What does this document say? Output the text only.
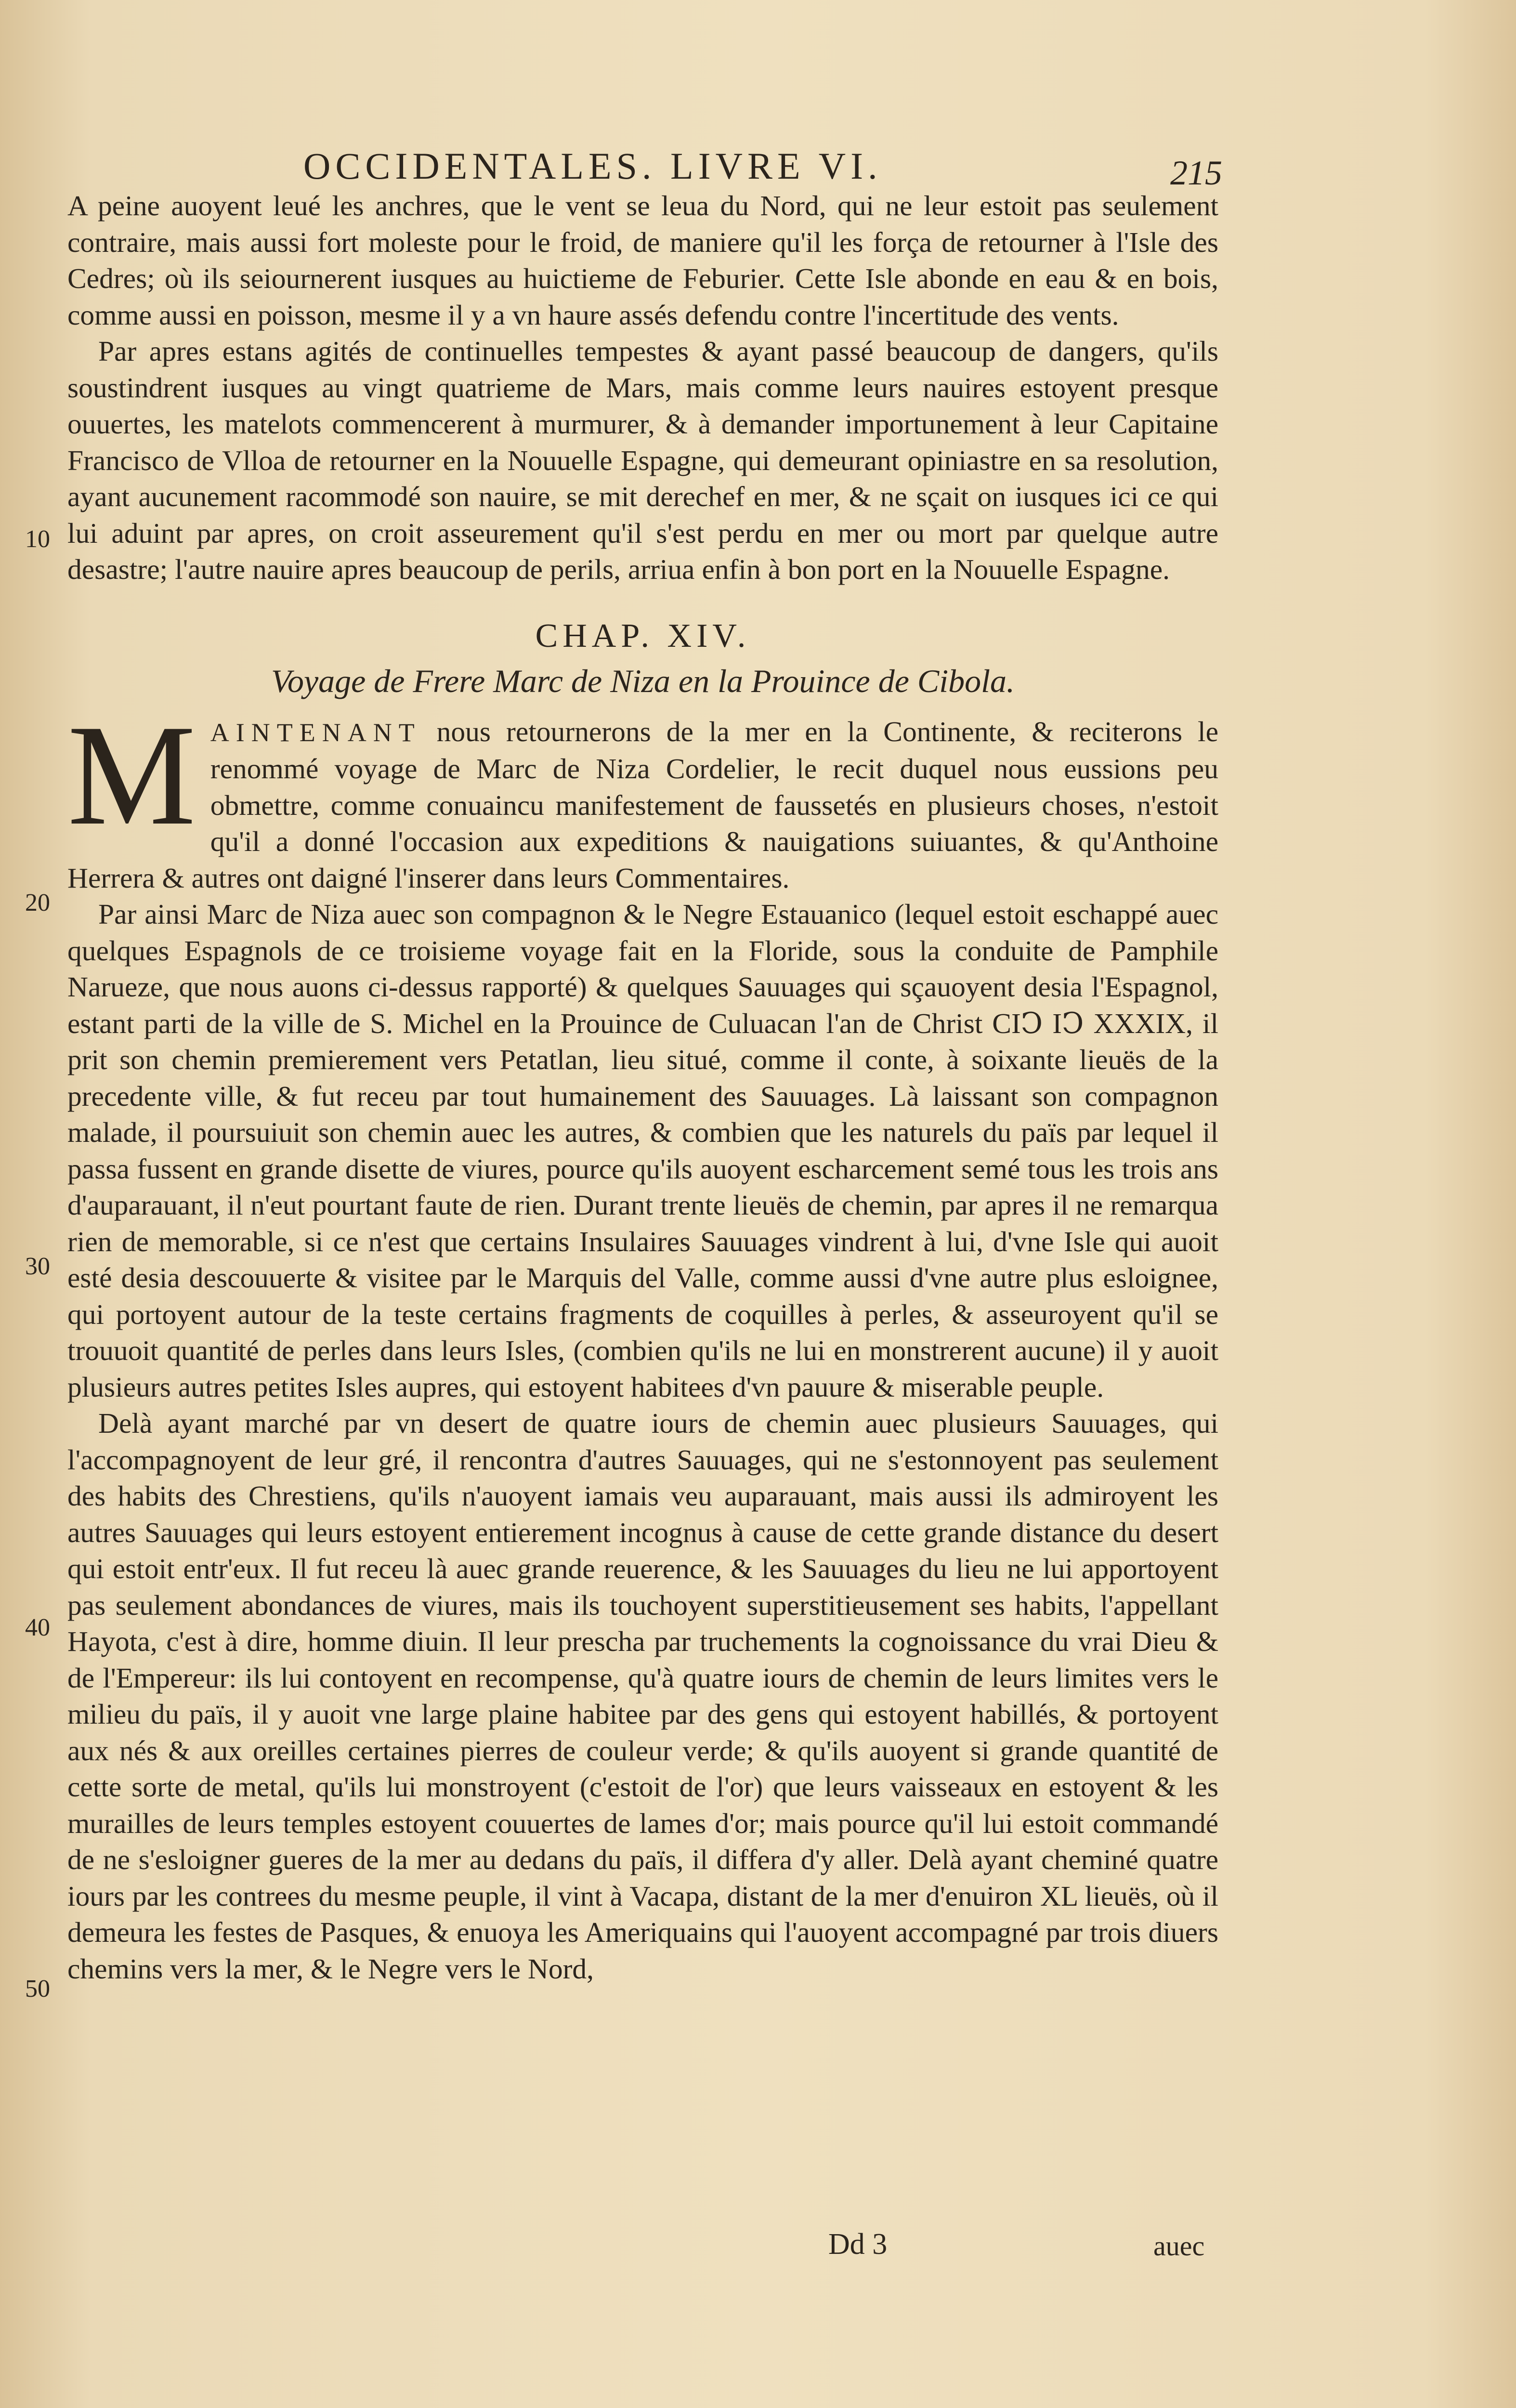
OCCIDENTALES. LIVRE VI.	215
10
20
30
40
50

A peine auoyent leué les anchres, que le vent se leua du Nord, qui ne leur estoit pas seulement contraire, mais aussi fort moleste pour le froid, de maniere qu'il les força de retourner à l'Isle des Cedres; où ils seiournerent iusques au huictieme de Feburier. Cette Isle abonde en eau & en bois, comme aussi en poisson, mesme il y a vn haure assés defendu contre l'incertitude des vents.

Par apres estans agités de continuelles tempestes & ayant passé beaucoup de dangers, qu'ils soustindrent iusques au vingt quatrieme de Mars, mais comme leurs nauires estoyent presque ouuertes, les matelots commencerent à murmurer, & à demander importunement à leur Capitaine Francisco de Vlloa de retourner en la Nouuelle Espagne, qui demeurant opiniastre en sa resolution, ayant aucunement racommodé son nauire, se mit derechef en mer, & ne sçait on iusques ici ce qui lui aduint par apres, on croit asseurement qu'il s'est perdu en mer ou mort par quelque autre desastre; l'autre nauire apres beaucoup de perils, arriua enfin à bon port en la Nouuelle Espagne.

CHAP. XIV.
Voyage de Frere Marc de Niza en la Prouince de Cibola.

M AINTENANT nous retournerons de la mer en la Continente, & reciterons le renommé voyage de Marc de Niza Cordelier, le recit duquel nous eussions peu obmettre, comme conuaincu manifestement de faussetés en plusieurs choses, n'estoit qu'il a donné l'occasion aux expeditions & nauigations suiuantes, & qu'Anthoine Herrera & autres ont daigné l'inserer dans leurs Commentaires.

Par ainsi Marc de Niza auec son compagnon & le Negre Estauanico (lequel estoit eschappé auec quelques Espagnols de ce troisieme voyage fait en la Floride, sous la conduite de Pamphile Narueze, que nous auons ci-dessus rapporté) & quelques Sauuages qui sçauoyent desia l'Espagnol, estant parti de la ville de S. Michel en la Prouince de Culuacan l'an de Christ CIↃ IↃ XXXIX, il prit son chemin premierement vers Petatlan, lieu situé, comme il conte, à soixante lieuës de la precedente ville, & fut receu par tout humainement des Sauuages. Là laissant son compagnon malade, il poursuiuit son chemin auec les autres, & combien que les naturels du païs par lequel il passa fussent en grande disette de viures, pource qu'ils auoyent escharcement semé tous les trois ans d'auparauant, il n'eut pourtant faute de rien. Durant trente lieuës de chemin, par apres il ne remarqua rien de memorable, si ce n'est que certains Insulaires Sauuages vindrent à lui, d'vne Isle qui auoit esté desia descouuerte & visitee par le Marquis del Valle, comme aussi d'vne autre plus esloignee, qui portoyent autour de la teste certains fragments de coquilles à perles, & asseuroyent qu'il se trouuoit quantité de perles dans leurs Isles, (combien qu'ils ne lui en monstrerent aucune) il y auoit plusieurs autres petites Isles aupres, qui estoyent habitees d'vn pauure & miserable peuple.

Delà ayant marché par vn desert de quatre iours de chemin auec plusieurs Sauuages, qui l'accompagnoyent de leur gré, il rencontra d'autres Sauuages, qui ne s'estonnoyent pas seulement des habits des Chrestiens, qu'ils n'auoyent iamais veu auparauant, mais aussi ils admiroyent les autres Sauuages qui leurs estoyent entierement incognus à cause de cette grande distance du desert qui estoit entr'eux. Il fut receu là auec grande reuerence, & les Sauuages du lieu ne lui apportoyent pas seulement abondances de viures, mais ils touchoyent superstitieusement ses habits, l'appellant Hayota, c'est à dire, homme diuin. Il leur prescha par truchements la cognoissance du vrai Dieu & de l'Empereur: ils lui contoyent en recompense, qu'à quatre iours de chemin de leurs limites vers le milieu du païs, il y auoit vne large plaine habitee par des gens qui estoyent habillés, & portoyent aux nés & aux oreilles certaines pierres de couleur verde; & qu'ils auoyent si grande quantité de cette sorte de metal, qu'ils lui monstroyent (c'estoit de l'or) que leurs vaisseaux en estoyent & les murailles de leurs temples estoyent couuertes de lames d'or; mais pource qu'il lui estoit commandé de ne s'esloigner gueres de la mer au dedans du païs, il differa d'y aller. Delà ayant cheminé quatre iours par les contrees du mesme peuple, il vint à Vacapa, distant de la mer d'enuiron XL lieuës, où il demeura les festes de Pasques, & enuoya les Ameriquains qui l'auoyent accompagné par trois diuers chemins vers la mer, & le Negre vers le Nord,

Dd 3	auec
